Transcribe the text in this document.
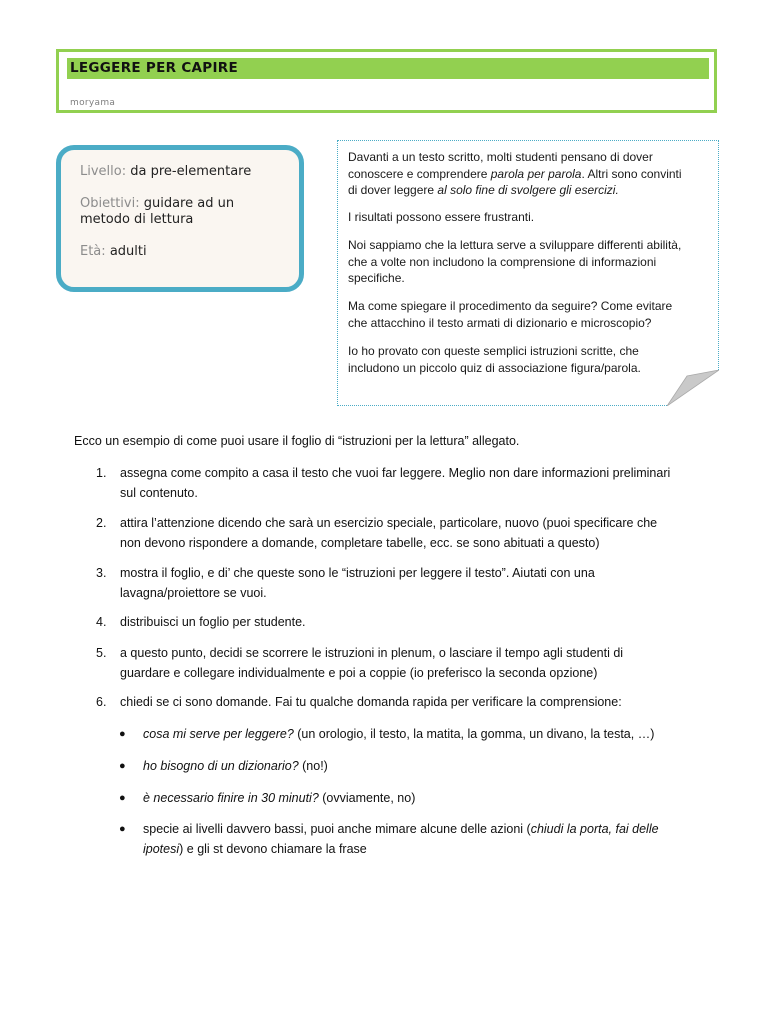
LEGGERE PER CAPIRE
moryama
Livello: da pre-elementare
Obiettivi: guidare ad un
metodo di lettura
Età: adulti

Davanti a un testo scritto, molti studenti pensano di dover
conoscere e comprendere parola per parola. Altri sono convinti
di dover leggere al solo fine di svolgere gli esercizi.

I risultati possono essere frustranti.

Noi sappiamo che la lettura serve a sviluppare differenti abilità,
che a volte non includono la comprensione di informazioni
specifiche.

Ma come spiegare il procedimento da seguire? Come evitare
che attacchino il testo armati di dizionario e microscopio?

Io ho provato con queste semplici istruzioni scritte, che
includono un piccolo quiz di associazione figura/parola.

Ecco un esempio di come puoi usare il foglio di “istruzioni per la lettura” allegato.
1.	assegna come compito a casa il testo che vuoi far leggere. Meglio non dare informazioni preliminari
sul contenuto.
2.	attira l’attenzione dicendo che sarà un esercizio speciale, particolare, nuovo (puoi specificare che
non devono rispondere a domande, completare tabelle, ecc. se sono abituati a questo)
3.	mostra il foglio, e di’ che queste sono le “istruzioni per leggere il testo”. Aiutati con una
lavagna/proiettore se vuoi.
4.	distribuisci un foglio per studente.
5.	a questo punto, decidi se scorrere le istruzioni in plenum, o lasciare il tempo agli studenti di
guardare e collegare individualmente e poi a coppie (io preferisco la seconda opzione)
6.	chiedi se ci sono domande. Fai tu qualche domanda rapida per verificare la comprensione:
● cosa mi serve per leggere? (un orologio, il testo, la matita, la gomma, un divano, la testa, …)
● ho bisogno di un dizionario? (no!)
● è necessario finire in 30 minuti? (ovviamente, no)
● specie ai livelli davvero bassi, puoi anche mimare alcune delle azioni (chiudi la porta, fai delle
ipotesi) e gli st devono chiamare la frase
